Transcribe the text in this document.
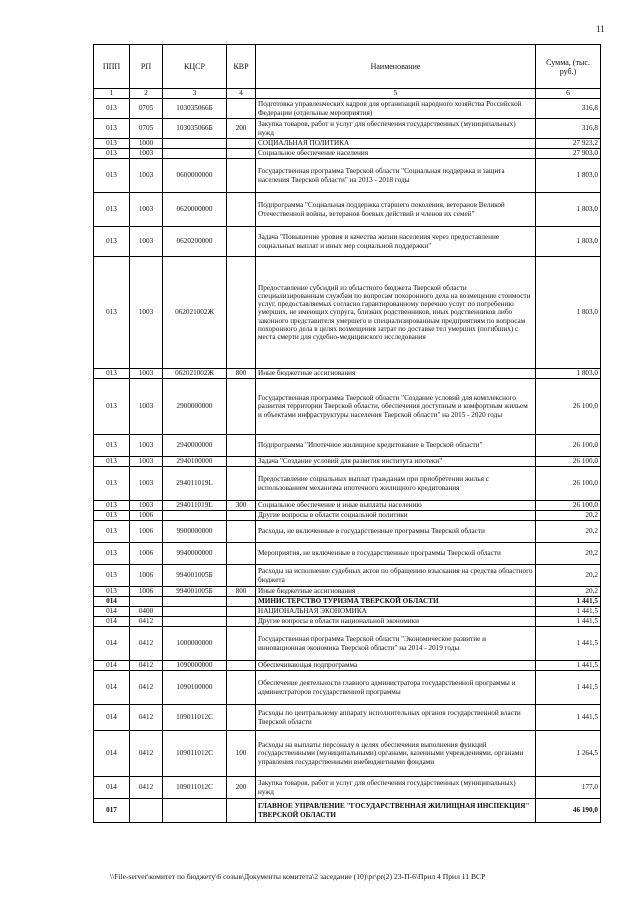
11
ППП	РП	КЦСР	КВР	Наименование	Сумма, (тыс. руб.)
1	2	3	4	5	6
013	0705	103035066Б		Подготовка управленческих кадров для организаций народного хозяйства Российской Федерации (отдельные мероприятия)	316,8
013	0705	103035066Б	200	Закупка товаров, работ и услуг для обеспечения государственных (муниципальных) нужд	316,8
013	1000			СОЦИАЛЬНАЯ ПОЛИТИКА	27 923,2
013	1003			Социальное обеспечение населения	27 903,0
013	1003	0600000000		Государственная программа Тверской области "Социальная поддержка и защита населения Тверской области" на 2013 - 2018 годы	1 803,0
013	1003	0620000000		Подпрограмма "Социальная поддержка старшего поколения, ветеранов Великой Отечественной войны, ветеранов боевых действий и членов их семей"	1 803,0
013	1003	0620200000		Задача "Повышение уровня и качества жизни населения через предоставление социальных выплат и иных мер социальной поддержки"	1 803,0
013	1003	062021002Ж		Предоставление субсидий из областного бюджета Тверской области специализированным службам по вопросам похоронного дела на возмещение стоимости услуг, предоставляемых согласно гарантированному перечню услуг по погребению умерших, не имеющих супруга, близких родственников, иных родственников либо законного представителя умершего и специализированным предприятиям по вопросам похоронного дела в целях возмещения затрат по доставке тел умерших (погибших) с места смерти для судебно-медицинского исследования	1 803,0
013	1003	062021002Ж	800	Иные бюджетные ассигнования	1 803,0
013	1003	2900000000		Государственная программа Тверской области "Создание условий для комплексного развития территории Тверской области, обеспечения доступным и комфортным жильем и объектами инфраструктуры населения Тверской области" на 2015 - 2020 годы	26 100,0
013	1003	2940000000		Подпрограмма "Ипотечное жилищное кредитование в Тверской области"	26 100,0
013	1003	2940100000		Задача "Создание условий для развития института ипотеки"	26 100,0
013	1003	294011019L		Предоставление социальных выплат гражданам при приобретении жилья с использованием механизма ипотечного жилищного кредитования	26 100,0
013	1003	294011019L	300	Социальное обеспечение и иные выплаты населению	26 100,0
013	1006			Другие вопросы в области социальной политики	20,2
013	1006	9900000000		Расходы, не включенные в государственные программы Тверской области	20,2
013	1006	9940000000		Мероприятия, не включенные в государственные программы Тверской области	20,2
013	1006	994001005Б		Расходы на исполнение судебных актов по обращению взыскания на средства областного бюджета	20,2
013	1006	994001005Б	800	Иные бюджетные ассигнования	20,2
014				МИНИСТЕРСТВО ТУРИЗМА ТВЕРСКОЙ ОБЛАСТИ	1 441,5
014	0400			НАЦИОНАЛЬНАЯ ЭКОНОМИКА	1 441,5
014	0412			Другие вопросы в области национальной экономики	1 441,5
014	0412	1000000000		Государственная программа Тверской области "Экономическое развитие и инновационная экономика Тверской области" на 2014 - 2019 годы	1 441,5
014	0412	1090000000		Обеспечивающая подпрограмма	1 441,5
014	0412	1090100000		Обеспечение деятельности главного администратора государственной программы и администраторов государственной программы	1 441,5
014	0412	109011012С		Расходы по центральному аппарату исполнительных органов государственной власти Тверской области	1 441,5
014	0412	109011012С	100	Расходы на выплаты персоналу в целях обеспечения выполнения функций государственными (муниципальными) органами, казенными учреждениями, органами управления государственными внебюджетными фондами	1 264,5
014	0412	109011012С	200	Закупка товаров, работ и услуг для обеспечения государственных (муниципальных) нужд	177,0
017				ГЛАВНОЕ УПРАВЛЕНИЕ "ГОСУДАРСТВЕННАЯ ЖИЛИЩНАЯ ИНСПЕКЦИЯ" ТВЕРСКОЙ ОБЛАСТИ	46 190,0
\\File-server\комитет по бюджету\6 созыв\Документы комитета\2 заседание (10)\pr\pr(2) 23-П-6\Прил 4 Прил 11 ВСР
